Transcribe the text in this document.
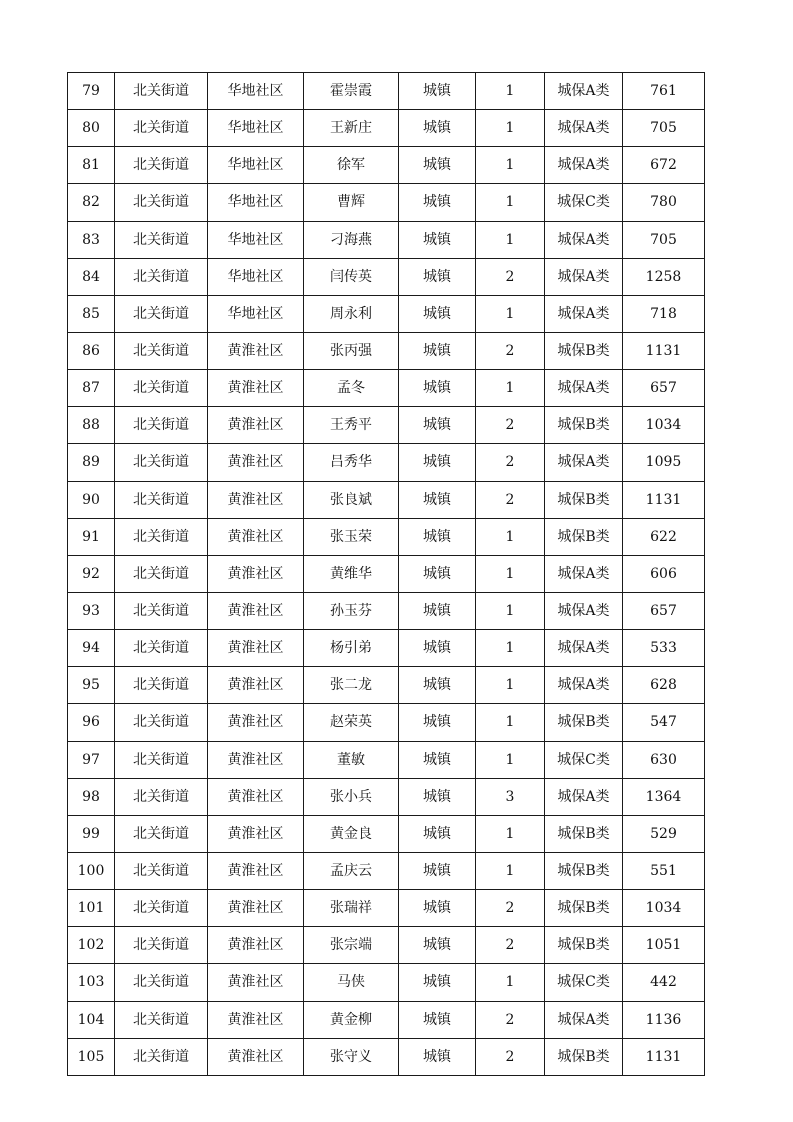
79	北关街道	华地社区	霍崇霞	城镇	1	城保A类	761
80	北关街道	华地社区	王新庄	城镇	1	城保A类	705
81	北关街道	华地社区	徐军	城镇	1	城保A类	672
82	北关街道	华地社区	曹辉	城镇	1	城保C类	780
83	北关街道	华地社区	刁海燕	城镇	1	城保A类	705
84	北关街道	华地社区	闫传英	城镇	2	城保A类	1258
85	北关街道	华地社区	周永利	城镇	1	城保A类	718
86	北关街道	黄淮社区	张丙强	城镇	2	城保B类	1131
87	北关街道	黄淮社区	孟冬	城镇	1	城保A类	657
88	北关街道	黄淮社区	王秀平	城镇	2	城保B类	1034
89	北关街道	黄淮社区	吕秀华	城镇	2	城保A类	1095
90	北关街道	黄淮社区	张良斌	城镇	2	城保B类	1131
91	北关街道	黄淮社区	张玉荣	城镇	1	城保B类	622
92	北关街道	黄淮社区	黄维华	城镇	1	城保A类	606
93	北关街道	黄淮社区	孙玉芬	城镇	1	城保A类	657
94	北关街道	黄淮社区	杨引弟	城镇	1	城保A类	533
95	北关街道	黄淮社区	张二龙	城镇	1	城保A类	628
96	北关街道	黄淮社区	赵荣英	城镇	1	城保B类	547
97	北关街道	黄淮社区	董敏	城镇	1	城保C类	630
98	北关街道	黄淮社区	张小兵	城镇	3	城保A类	1364
99	北关街道	黄淮社区	黄金良	城镇	1	城保B类	529
100	北关街道	黄淮社区	孟庆云	城镇	1	城保B类	551
101	北关街道	黄淮社区	张瑞祥	城镇	2	城保B类	1034
102	北关街道	黄淮社区	张宗端	城镇	2	城保B类	1051
103	北关街道	黄淮社区	马侠	城镇	1	城保C类	442
104	北关街道	黄淮社区	黄金柳	城镇	2	城保A类	1136
105	北关街道	黄淮社区	张守义	城镇	2	城保B类	1131
